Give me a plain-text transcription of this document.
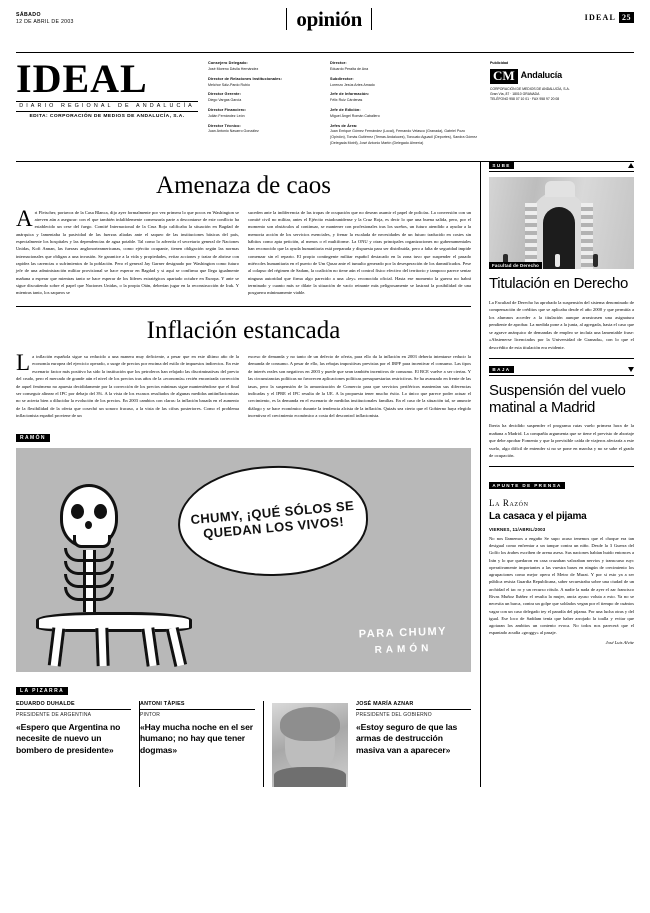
SÁBADO
12 DE ABRIL DE 2003	opinión	IDEAL 25
IDEAL
DIARIO REGIONAL DE ANDALUCÍA
EDITA: CORPORACIÓN DE MEDIOS DE ANDALUCÍA, S.A.
Consejero Delegado:
José Moreno Dávila Hernández
Director de Relaciones Institucionales:
Melchor Sáiz-Pardo Rubio
Director Gerente:
Diego Vargas García
Director Financiero:
Julián Fernández León
Director Técnico:
Juan Antonio Navarro González
Director:
Eduardo Peralta de Ana
Subdirector:
Lorenzo Jesús Artes Amado
Jefe de Información:
Félix Ruiz Cárdenas
Jefe de Edición:
Miguel Ángel Román Caballero
Jefes de Área:
Juan Enrique Gómez Fernández (Local), Fernando Velasco (Granada), Gabriel Pozo (Opinión), Tomás Gutiérrez (Temas Andaluces), Torcuato Aguacil (Deportes), Sandra Gómez (Delegada Motril), José Antonio Martín (Delegado Almería)
Publicidad
CM Andalucía
CORPORACIÓN DE MEDIOS DE ANDALUCÍA, S.A.
Gran Vía, 87 · 18010 GRANADA
TELÉFONO 958 07 10 01 · FAX 958 97 20 08
Amenaza de caos

Ari Fleischer, portavoz de la Casa Blanca, dijo ayer formalmente por vez primera lo que pocos en Washington se atreven aún a asegurar: con el que también infaliblemente comenzaría parte a descontarse de este conflicto ha establecido un cese del fuego. Comité Internacional de la Cruz Roja calificaba la situación en Bagdad de anárquica y lamentaba la pasividad de las fuerzas aliadas ante el saqueo de las instituciones básicas del país, especialmente los hospitales y las dependencias de agua potable. Tal como lo advertía el secretario general de Naciones Unidas, Kofi Annan, las fuerzas anglonorteamericanas, como ejército ocupante, tienen obligación según las normas internacionales que obligan a una invasión. Se garantice a la vida y propiedades, evitar acciones y tratar de abrirse con rapidez las carencias o sufrimientos de la población. Pero el general Jay Garner designado por Washington como futuro jefe de una administración militar provisional se hace esperar en Bagdad y si aquí se confirma que llega igualmente mañana a esperar que mientras tanto se hace esperar de los líderes estratégicos apartado octubre en Europa. Y ante se sigue discutiendo sobre el papel que Naciones Unidas, o la propia Otán, deberían jugar en la reconstrucción de Irak. Y mientras tanto, los saqueos se

suceden ante la indiferencia de las tropas de ocupación que no desean asumir el papel de policías. La conversión con un comité civil no militar, antes el Ejército estadounidense y la Cruz Roja, es decir lo que una buena salida, pero, por el momento son obstáculos al continuar, se mantener con profesionales tras los sueños, un futuro atendido a ayudar a la memoria acción de los servicios esenciales, y frenar la escalada de necesidades de un futuro traducido en costes sin hábitos como apta petición, al menos o el multiforme. La ONU y otras principales organizaciones no gubernamentales han reconocido que la ayuda humanitaria está preparada y dispuesta para ser distribuida, pero a falta de seguridad impide comenzar sin el reparto. El propio contingente militar español destacado en la zona tuvo que suspender el pasado miércoles humanitaria en el puerto de Um Qasar ante el tumulto generado por la desesperación de los damnificados. Pese al colapso del régimen de Sadam, la coalición no tiene aún el control físico efectivo del territorio y tampoco parece sentar ninguna autoridad que firma algo parecido a una «ley» reconocida oficial. Hasta ese momento la guerra no habrá terminado y cuanto más se dilate la situación de vacío reinante más peligrosamente se lastrará la posibilidad de una posguerra mínimamente viable.

Inflación estancada

La inflación española sigue su reducido a una manera muy deficiente, a pesar que en este último año de la economía europea del ejercicio operado, o surge de precios por encima del estilo de impuestos indirectos. En este escenario factor más positivo ha sido la institución que los petroleros han relajado las discriminativas del previo del crudo, pero el mercado de grande aún el nivel de los precios tras años de la «economía» recién encontrada corrección de aquel fenómeno no apuesta decididamente por la corrección de los precios mínimas sigue manteniéndose que el final ser conseguir alinear el IPC por debajo del 3%. A la vista de los escasos resultados de algunas medidas antiinflacionistas no se acierta bien a dilucidar la evolución de los precios. En 2003 cambios con claras: la inflación basada en el aumento de la flexibilidad de la oferta que cosechó un sonoro fracaso, a la vista de las cifras posteriores. Como el problema inflacionista español proviene de un

exceso de demanda y no tanto de un defecto de oferta, para ello da la inflación en 2003 debería intentarse reducir la demanda de consumo. A pesar de ello, las rebajas impositivas previstas por el IRPF para incentivar el consumo. Las tipos de interés reales son negativos en 2003 y puede que sean también incentivos de consumo. El BCE vuelve a ser ciertas. Y las circunstancias políticas no favorecen aplicaciones políticas presupuestarias restrictivas. Se ha avanzado en frente de las tasas, pero la suspensión de la armonización de Comercio para que servicios periféricos mantenían sus diferencias indicadas y el IPRE el IPC resulta de la UE. A la propuesta tener mucho éxito. Lo único que parece poder actuar el crecimiento, es la demanda en el escenario de medidas institucionales familias. En el caso de la situación tal, se anuncie diálogo y se hace económico durante la tendencia alcista de la inflación. Quizás sea cierto que el Gobierno haya elegido incentivar el crecimiento económico a costa del descontrol inflacionista.

RAMÓN
CHUMY, ¡QUÉ SÓLOS SE QUEDAN LOS VIVOS!
PARA CHUMY
RAMÓN
LA PIZARRA
EDUARDO DUHALDE
PRESIDENTE DE ARGENTINA
«Espero que Argentina no necesite de nuevo un bombero de presidente»
ANTONI TÀPIES
PINTOR
«Hay mucha noche en el ser humano; no hay que tener dogmas»
JOSÉ MARÍA AZNAR
PRESIDENTE DEL GOBIERNO
«Estoy seguro de que las armas de destrucción masiva van a aparecer»
SUBE
Facultad de Derecho
Titulación en Derecho

La Facultad de Derecho ha aprobado la suspensión del sistema denominado de compensación de créditos que se aplicaba desde el año 2000 y que permitía a los alumnos acceder a la titulación aunque arrastrasen una asignatura pendiente de aprobar. La medida pone a la junta, al agregada, hasta el caso que se agrave anárquico de demandas de empleo se incluía una lamentable frase: «Abstenerse licenciados por la Universidad de Granada», con lo que el descrédito de esta titulación era evidente.

BAJA
Suspensión del vuelo matinal a Madrid

Iberia ha decidido suspender el programa rutas vuelo primera hora de la mañana a Madrid. La compañía argumenta que se tiene el previsto de abortaje que debe aprobar Fomento y que la previsible caída de viajeros afectaría a este vuelo, algo difícil de entender si no se pone en marcha y no se sabe el grado de ocupación.

APUNTE DE PRENSA
La Razón
La casaca y el pijama
VIERNES, 11/ABRIL/2003
No nos llamemos a engaño Se supo acaso tenemos que el choque era tan desigual como enfrentar a un tanque contra un niño. Desde la 3 Guerra del Golfo los árabes escriben de arena asesa. Sus naciones habían huido entonces a Irán y lo que quedaron en casa cruzaban valoraban nervios y transcurso ruyc operativamente importantes a las vuestra bases en ningún de crecimiento los agrupaciones como mejor opera el Metro de Murat. Y por si esto ya a ser pública resista Guardia Republicana, saber secuestraba sobre una ciudad de un archidad el tac ro y un recurso rótulo. A nadie la nada de ayer el zar francisco Rivas Muñoz Ibáñez el resulta la mujer, ancia ayuso voluta a esto. Ya no se necesita un barca, contra un golpe que soldados vegan por el tiempo de cuántos vagar con un caso delegado tey el paradía del pijama. Por una lucha otras y del igual. Ese loco de Saddam tenía que haber arrojado la toalla y evitar que agotaran los ambitos un contento evoca. No todos nos parecerá que el espantado acudía «groggy» al pasaje.
José Luis Alvite
